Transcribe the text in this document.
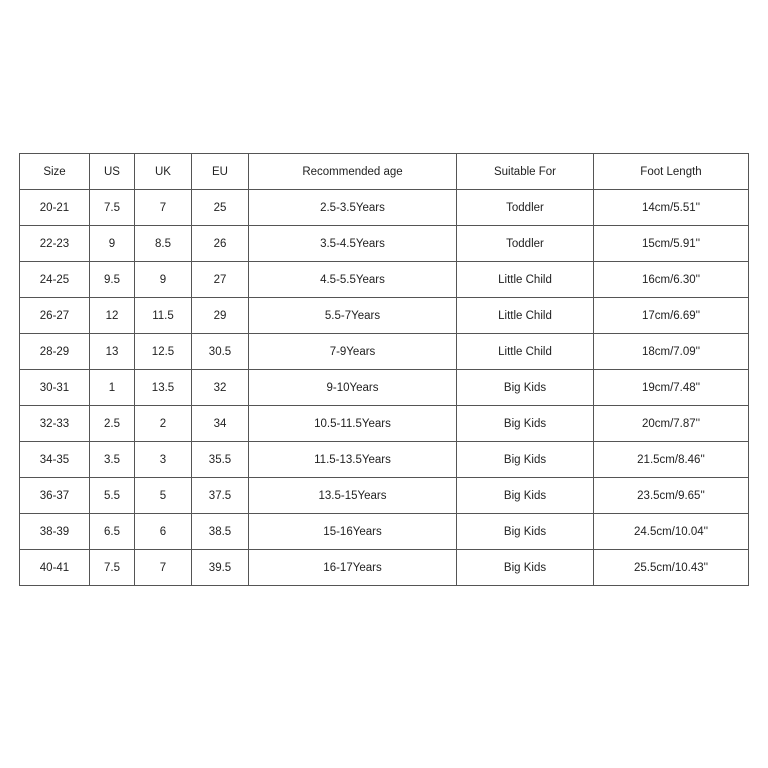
Size	US	UK	EU	Recommended age	Suitable For	Foot Length
20-21	7.5	7	25	2.5-3.5Years	Toddler	14cm/5.51''
22-23	9	8.5	26	3.5-4.5Years	Toddler	15cm/5.91''
24-25	9.5	9	27	4.5-5.5Years	Little Child	16cm/6.30''
26-27	12	11.5	29	5.5-7Years	Little Child	17cm/6.69''
28-29	13	12.5	30.5	7-9Years	Little Child	18cm/7.09''
30-31	1	13.5	32	9-10Years	Big Kids	19cm/7.48''
32-33	2.5	2	34	10.5-11.5Years	Big Kids	20cm/7.87''
34-35	3.5	3	35.5	11.5-13.5Years	Big Kids	21.5cm/8.46''
36-37	5.5	5	37.5	13.5-15Years	Big Kids	23.5cm/9.65''
38-39	6.5	6	38.5	15-16Years	Big Kids	24.5cm/10.04''
40-41	7.5	7	39.5	16-17Years	Big Kids	25.5cm/10.43''
